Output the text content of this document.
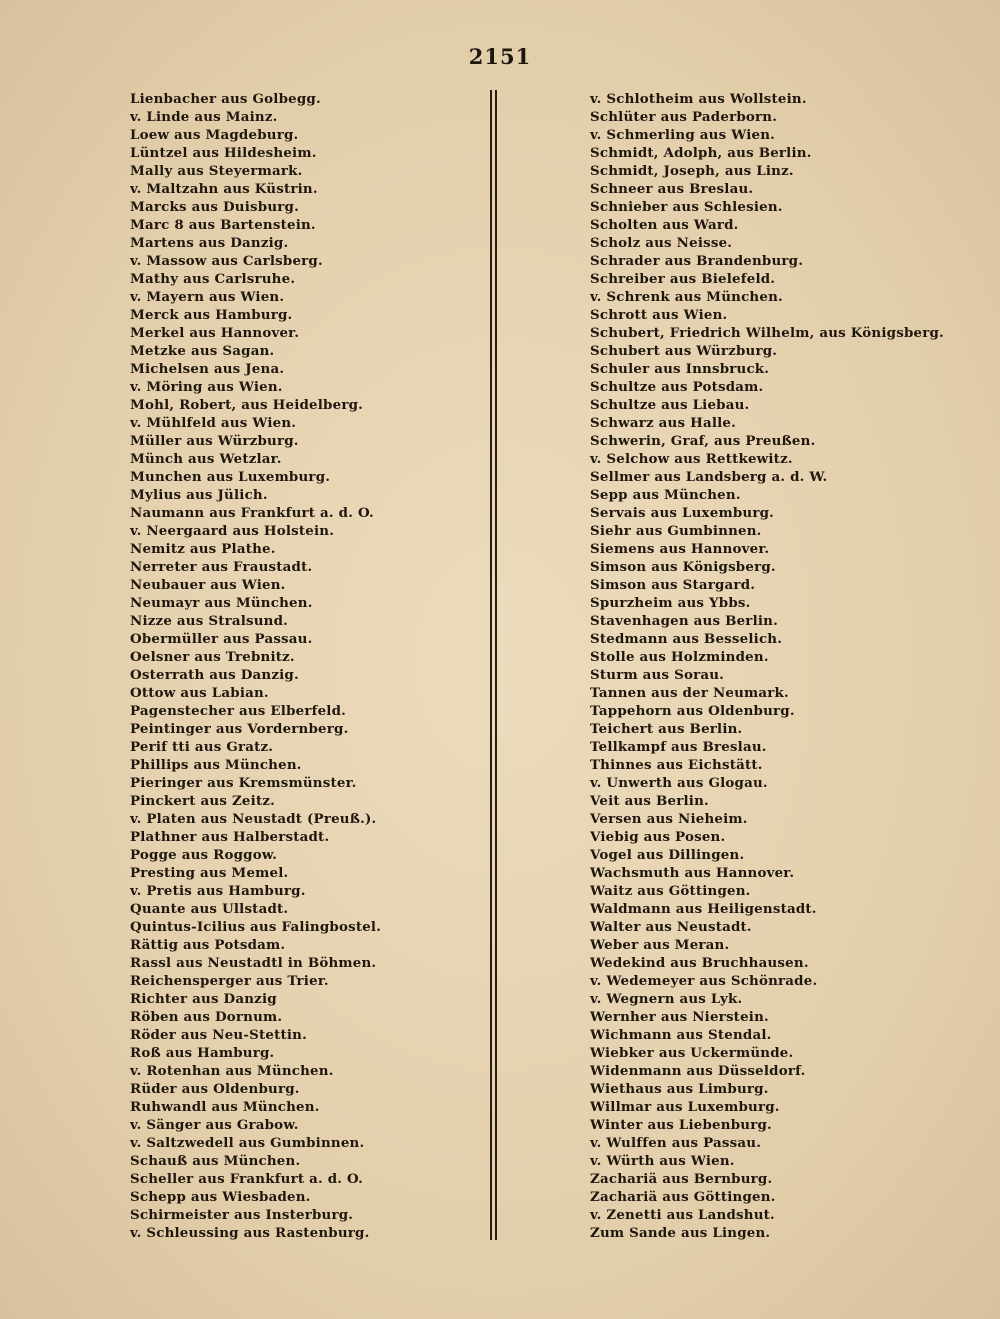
2151
Lienbacher aus Golbegg.
v. Linde aus Mainz.
Loew aus Magdeburg.
Lüntzel aus Hildesheim.
Mally aus Steyermark.
v. Maltzahn aus Küstrin.
Marcks aus Duisburg.
Marc 8 aus Bartenstein.
Martens aus Danzig.
v. Massow aus Carlsberg.
Mathy aus Carlsruhe.
v. Mayern aus Wien.
Merck aus Hamburg.
Merkel aus Hannover.
Metzke aus Sagan.
Michelsen aus Jena.
v. Möring aus Wien.
Mohl, Robert, aus Heidelberg.
v. Mühlfeld aus Wien.
Müller aus Würzburg.
Münch aus Wetzlar.
Munchen aus Luxemburg.
Mylius aus Jülich.
Naumann aus Frankfurt a. d. O.
v. Neergaard aus Holstein.
Nemitz aus Plathe.
Nerreter aus Fraustadt.
Neubauer aus Wien.
Neumayr aus München.
Nizze aus Stralsund.
Obermüller aus Passau.
Oelsner aus Trebnitz.
Osterrath aus Danzig.
Ottow aus Labian.
Pagenstecher aus Elberfeld.
Peintinger aus Vordernberg.
Perif tti aus Gratz.
Phillips aus München.
Pieringer aus Kremsmünster.
Pinckert aus Zeitz.
v. Platen aus Neustadt (Preuß.).
Plathner aus Halberstadt.
Pogge aus Roggow.
Presting aus Memel.
v. Pretis aus Hamburg.
Quante aus Ullstadt.
Quintus-Icilius aus Falingbostel.
Rättig aus Potsdam.
Rassl aus Neustadtl in Böhmen.
Reichensperger aus Trier.
Richter aus Danzig
Röben aus Dornum.
Röder aus Neu-Stettin.
Roß aus Hamburg.
v. Rotenhan aus München.
Rüder aus Oldenburg.
Ruhwandl aus München.
v. Sänger aus Grabow.
v. Saltzwedell aus Gumbinnen.
Schauß aus München.
Scheller aus Frankfurt a. d. O.
Schepp aus Wiesbaden.
Schirmeister aus Insterburg.
v. Schleussing aus Rastenburg.
v. Schlotheim aus Wollstein.
Schlüter aus Paderborn.
v. Schmerling aus Wien.
Schmidt, Adolph, aus Berlin.
Schmidt, Joseph, aus Linz.
Schneer aus Breslau.
Schnieber aus Schlesien.
Scholten aus Ward.
Scholz aus Neisse.
Schrader aus Brandenburg.
Schreiber aus Bielefeld.
v. Schrenk aus München.
Schrott aus Wien.
Schubert, Friedrich Wilhelm, aus Königsberg.
Schubert aus Würzburg.
Schuler aus Innsbruck.
Schultze aus Potsdam.
Schultze aus Liebau.
Schwarz aus Halle.
Schwerin, Graf, aus Preußen.
v. Selchow aus Rettkewitz.
Sellmer aus Landsberg a. d. W.
Sepp aus München.
Servais aus Luxemburg.
Siehr aus Gumbinnen.
Siemens aus Hannover.
Simson aus Königsberg.
Simson aus Stargard.
Spurzheim aus Ybbs.
Stavenhagen aus Berlin.
Stedmann aus Besselich.
Stolle aus Holzminden.
Sturm aus Sorau.
Tannen aus der Neumark.
Tappehorn aus Oldenburg.
Teichert aus Berlin.
Tellkampf aus Breslau.
Thinnes aus Eichstätt.
v. Unwerth aus Glogau.
Veit aus Berlin.
Versen aus Nieheim.
Viebig aus Posen.
Vogel aus Dillingen.
Wachsmuth aus Hannover.
Waitz aus Göttingen.
Waldmann aus Heiligenstadt.
Walter aus Neustadt.
Weber aus Meran.
Wedekind aus Bruchhausen.
v. Wedemeyer aus Schönrade.
v. Wegnern aus Lyk.
Wernher aus Nierstein.
Wichmann aus Stendal.
Wiebker aus Uckermünde.
Widenmann aus Düsseldorf.
Wiethaus aus Limburg.
Willmar aus Luxemburg.
Winter aus Liebenburg.
v. Wulffen aus Passau.
v. Würth aus Wien.
Zachariä aus Bernburg.
Zachariä aus Göttingen.
v. Zenetti aus Landshut.
Zum Sande aus Lingen.
